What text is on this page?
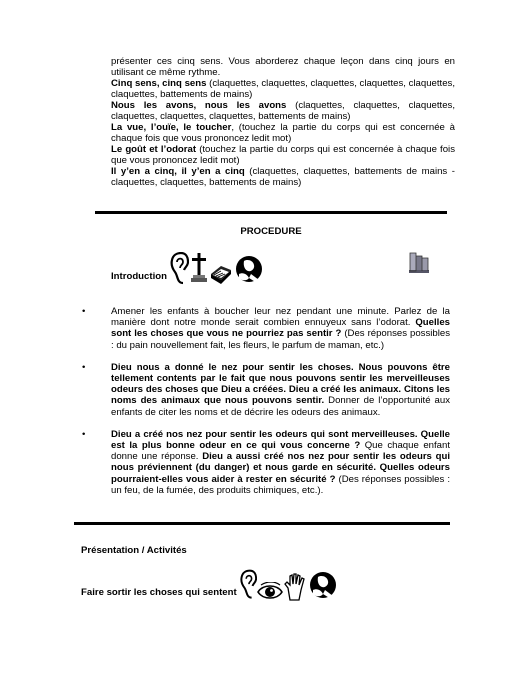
présenter ces cinq sens. Vous aborderez chaque leçon dans cinq jours en utilisant ce même rythme.

Cinq sens, cinq sens (claquettes, claquettes, claquettes, claquettes, claquettes, claquettes, battements de mains)

Nous les avons, nous les avons (claquettes, claquettes, claquettes, claquettes, claquettes, claquettes, battements de mains)

La vue, l’ouïe, le toucher, (touchez la partie du corps qui est concernée à chaque fois que vous prononcez ledit mot)

Le goût et l’odorat (touchez la partie du corps qui est concernée à chaque fois que vous prononcez ledit mot)

Il y’en a cinq, il y’en a cinq (claquettes, claquettes, battements de mains - claquettes, claquettes, battements de mains)

PROCEDURE
Introduction
•	Amener les enfants à boucher leur nez pendant une minute. Parlez de la manière dont notre monde serait combien ennuyeux sans l’odorat. Quelles sont les choses que vous ne pourriez pas sentir ? (Des réponses possibles : du pain nouvellement fait, les fleurs, le parfum de maman, etc.)
•	Dieu nous a donné le nez pour sentir les choses. Nous pouvons être tellement contents par le fait que nous pouvons sentir les merveilleuses odeurs des choses que Dieu a créées. Dieu a créé les animaux. Citons les noms des animaux que nous pouvons sentir. Donner de l’opportunité aux enfants de citer les noms et de décrire les odeurs des animaux.
•	Dieu a créé nos nez pour sentir les odeurs qui sont merveilleuses. Quelle est la plus bonne odeur en ce qui vous concerne ? Que chaque enfant donne une réponse. Dieu a aussi créé nos nez pour sentir les odeurs qui nous préviennent (du danger) et nous garde en sécurité. Quelles odeurs pourraient-elles vous aider à rester en sécurité ? (Des réponses possibles : un feu, de la fumée, des produits chimiques, etc.).
Présentation / Activités
Faire sortir les choses qui sentent
